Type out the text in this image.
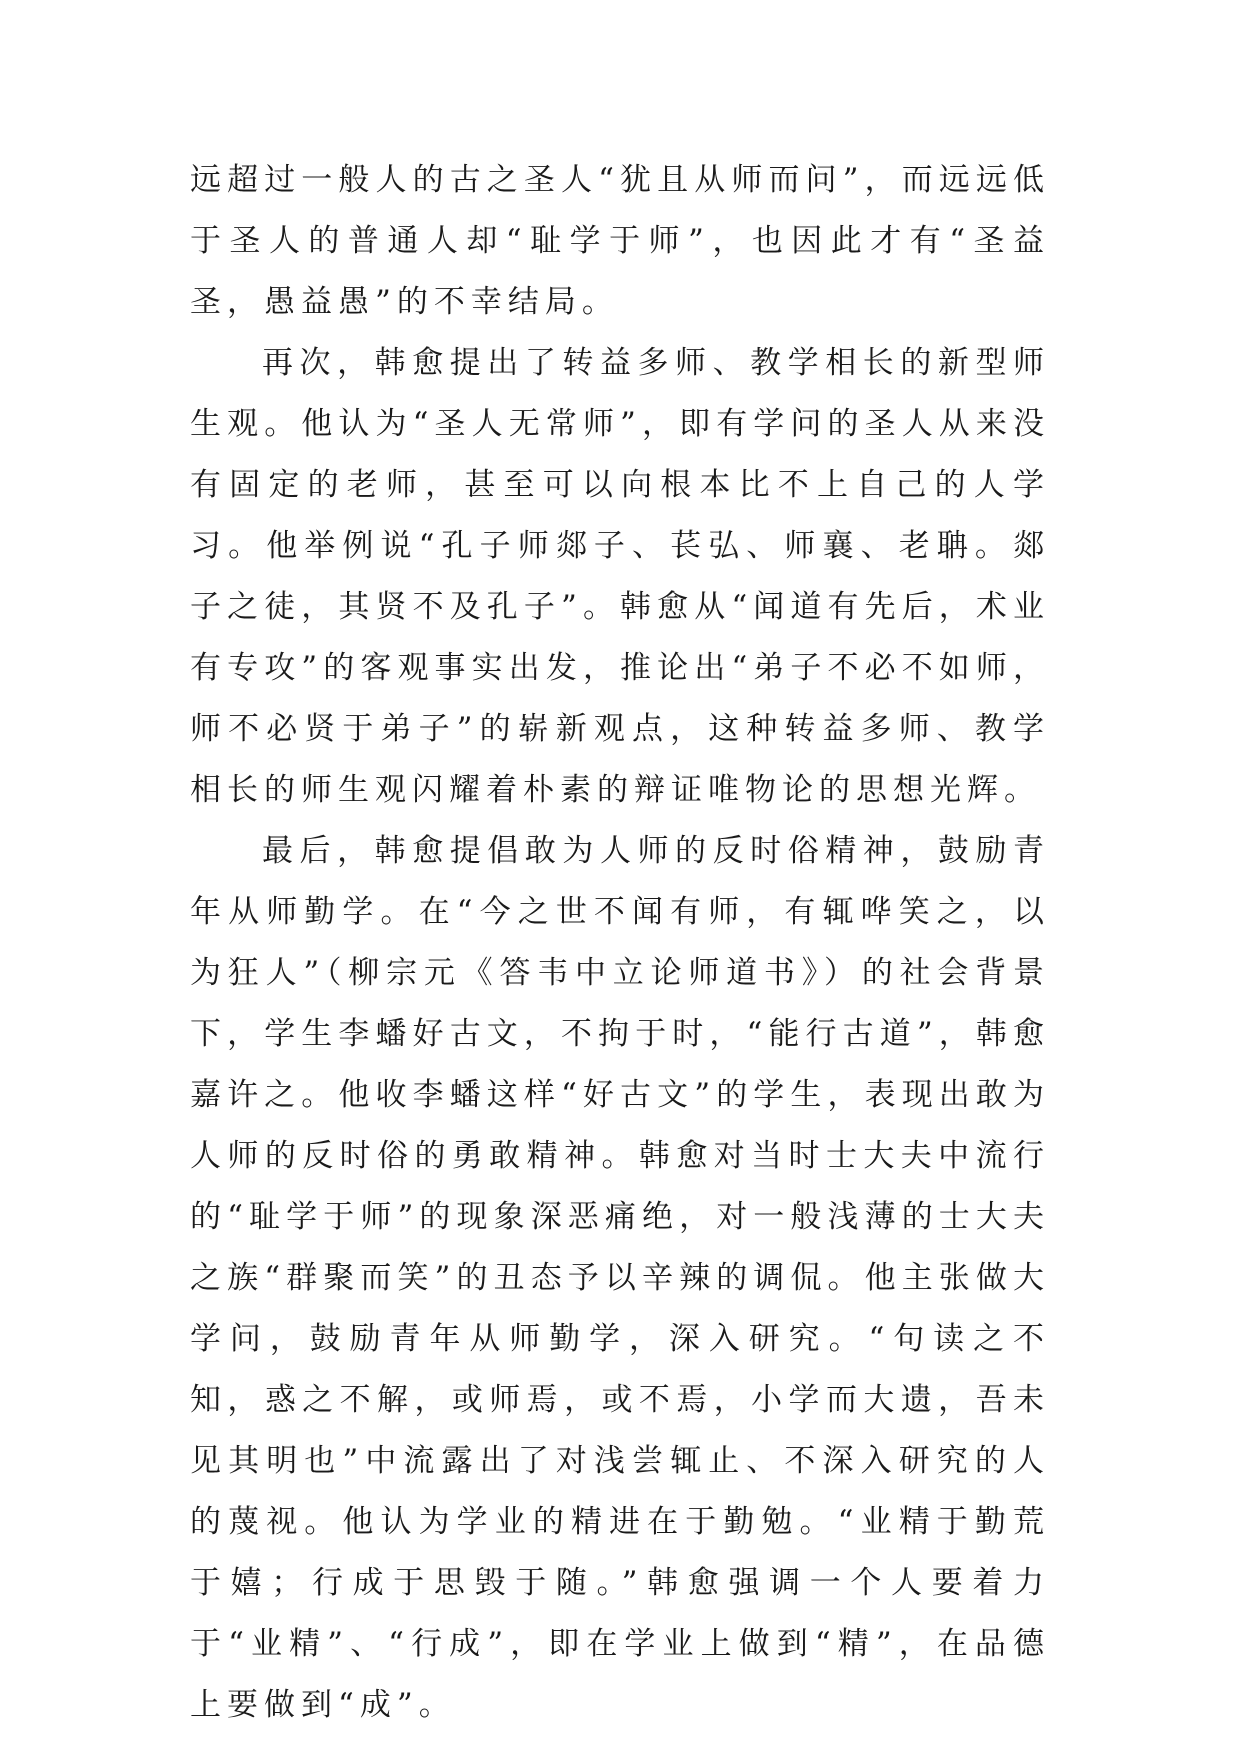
远超过一般人的古之圣人“犹且从师而问”，而远远低于圣人的普通人却“耻学于师”，也因此才有“圣益圣，愚益愚”的不幸结局。

再次，韩愈提出了转益多师、教学相长的新型师生观。他认为“圣人无常师”，即有学问的圣人从来没有固定的老师，甚至可以向根本比不上自己的人学习。他举例说“孔子师郯子、苌弘、师襄、老聃。郯子之徒，其贤不及孔子”。韩愈从“闻道有先后，术业有专攻”的客观事实出发，推论出“弟子不必不如师，师不必贤于弟子”的崭新观点，这种转益多师、教学相长的师生观闪耀着朴素的辩证唯物论的思想光辉。

最后，韩愈提倡敢为人师的反时俗精神，鼓励青年从师勤学。在“今之世不闻有师，有辄哗笑之，以为狂人”（柳宗元《答韦中立论师道书》）的社会背景下，学生李蟠好古文，不拘于时，“能行古道”，韩愈嘉许之。他收李蟠这样“好古文”的学生，表现出敢为人师的反时俗的勇敢精神。韩愈对当时士大夫中流行的“耻学于师”的现象深恶痛绝，对一般浅薄的士大夫之族“群聚而笑”的丑态予以辛辣的调侃。他主张做大学问，鼓励青年从师勤学，深入研究。“句读之不知，惑之不解，或师焉，或不焉，小学而大遗，吾未见其明也”中流露出了对浅尝辄止、不深入研究的人的蔑视。他认为学业的精进在于勤勉。“业精于勤荒于嬉；行成于思毁于随。”韩愈强调一个人要着力于“业精”、“行成”，即在学业上做到“精”，在品德上要做到“成”。
